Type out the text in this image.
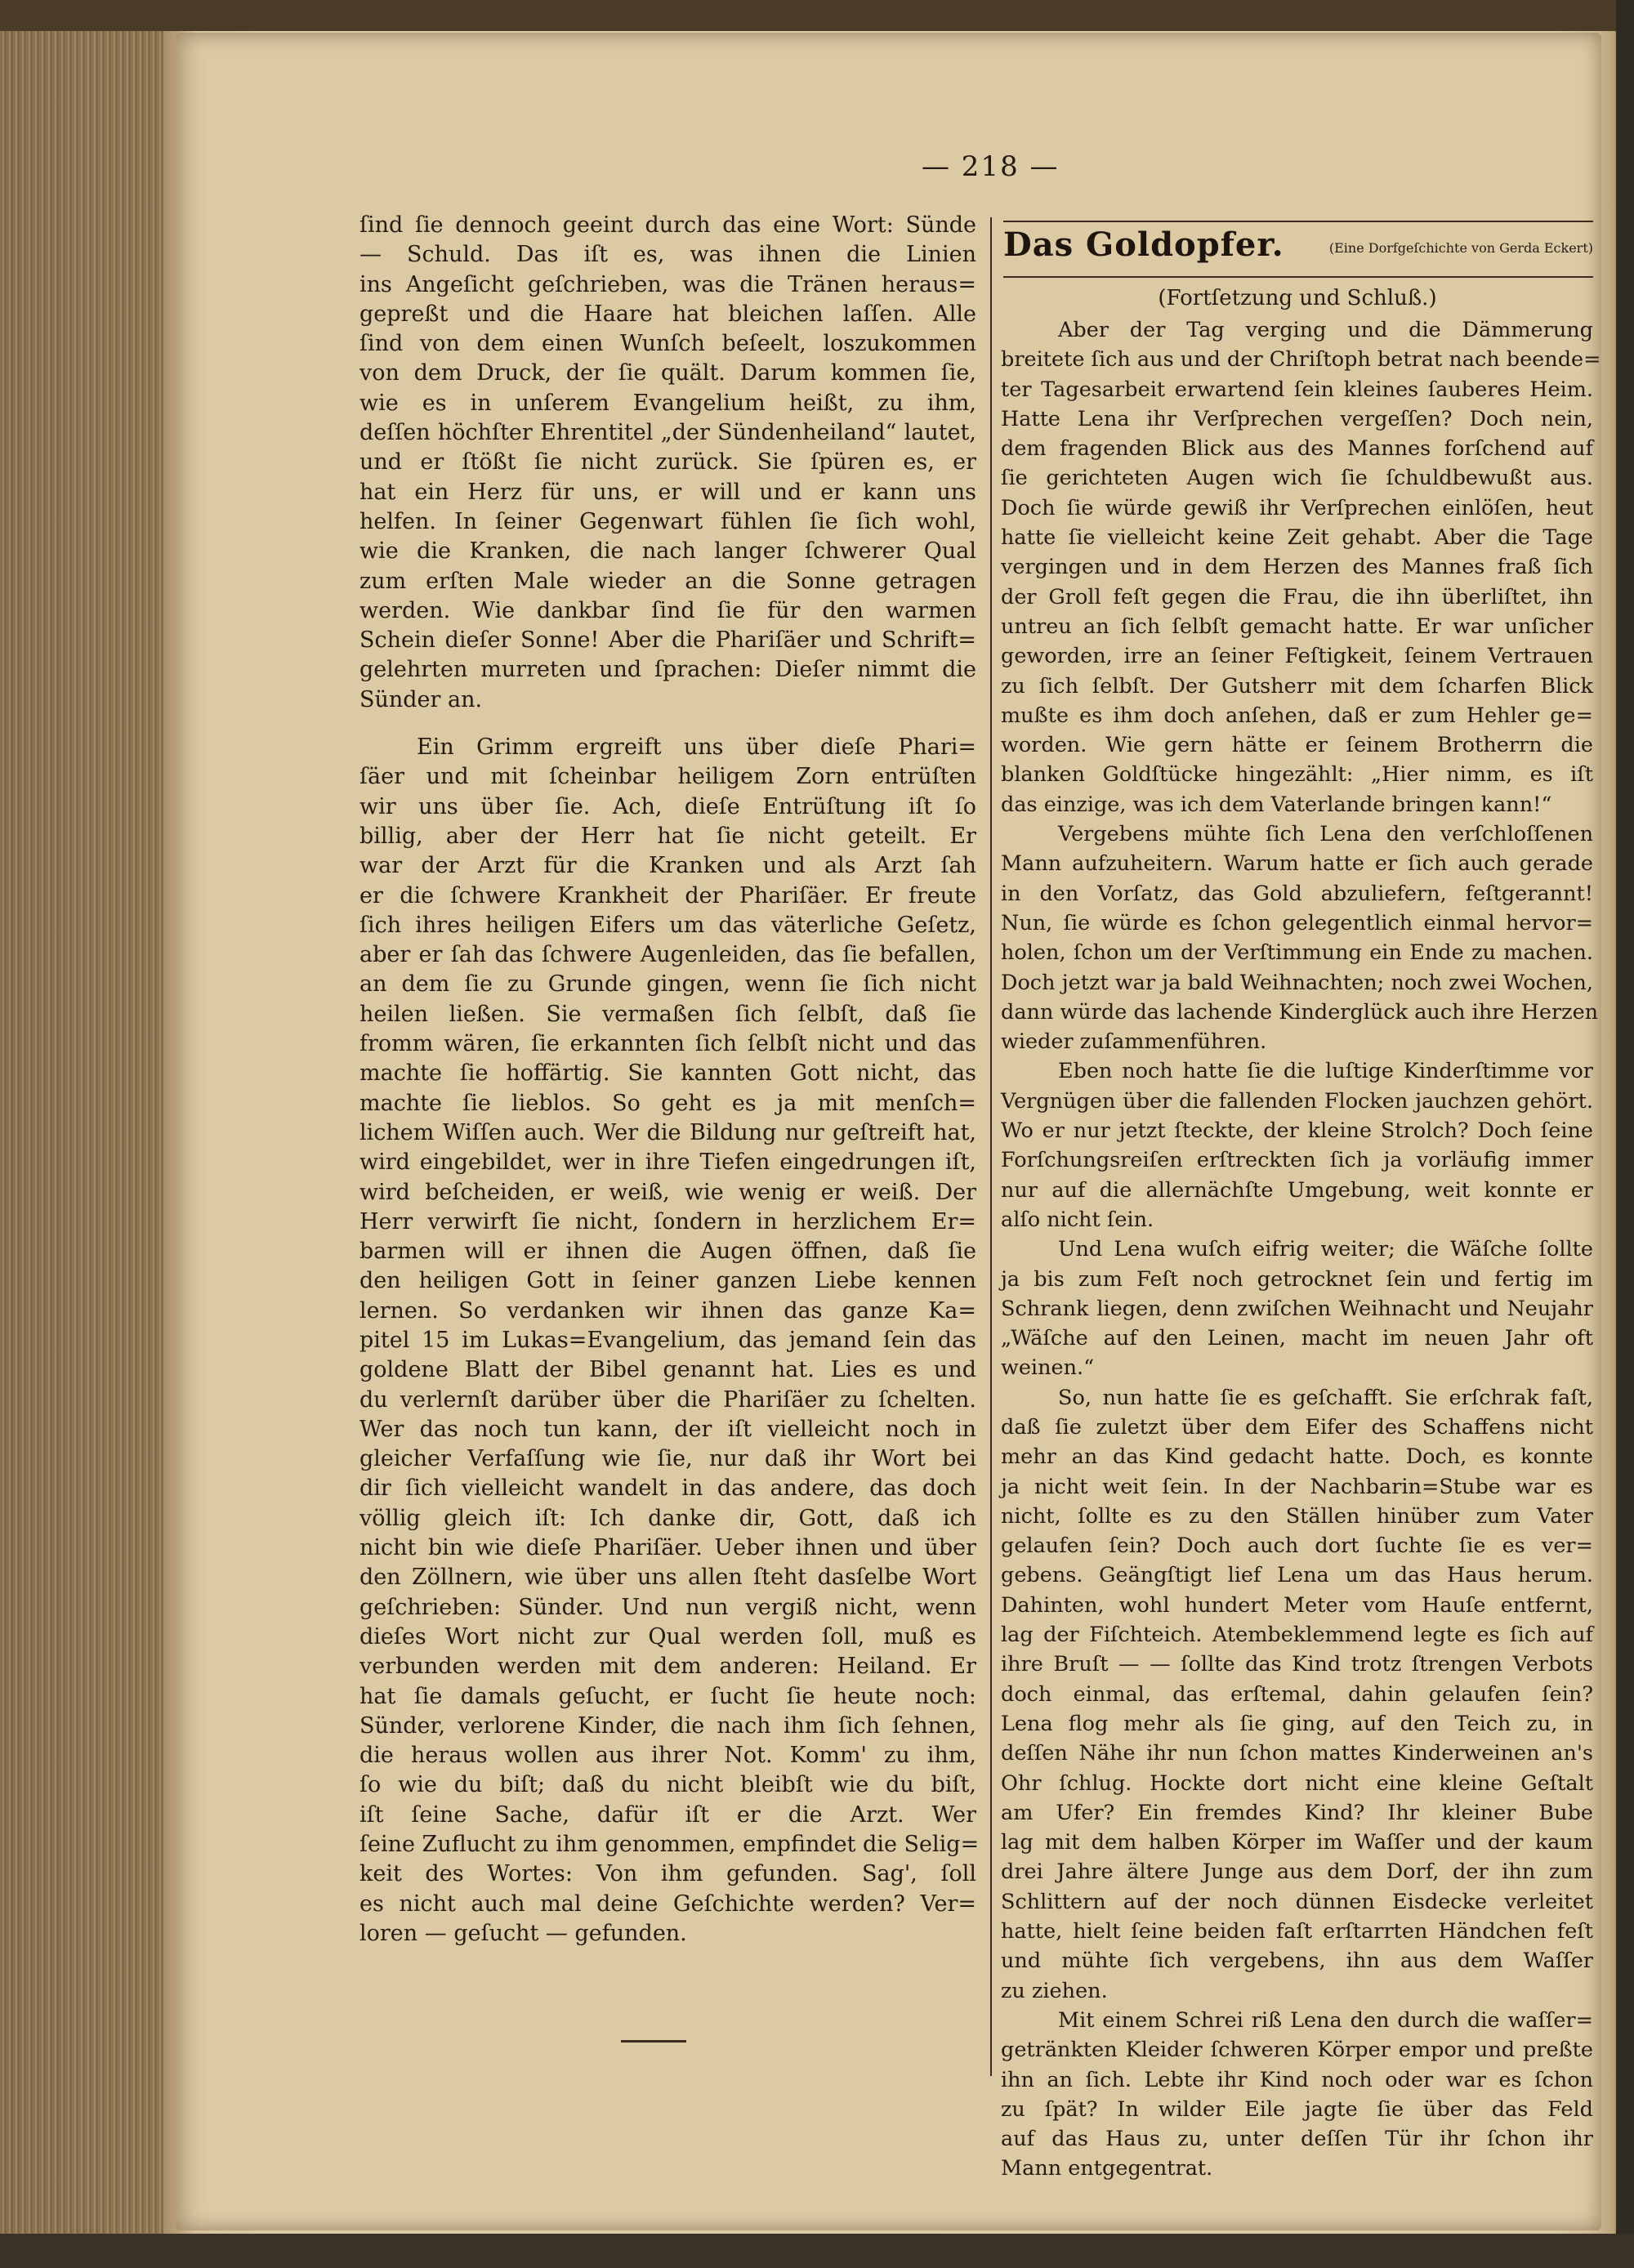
— 218 —
ſind ſie dennoch geeint durch das eine Wort: Sünde
— Schuld. Das iſt es, was ihnen die Linien
ins Angeſicht geſchrieben, was die Tränen heraus=
gepreßt und die Haare hat bleichen laſſen. Alle
ſind von dem einen Wunſch beſeelt, loszukommen
von dem Druck, der ſie quält. Darum kommen ſie,
wie es in unſerem Evangelium heißt, zu ihm,
deſſen höchſter Ehrentitel „der Sündenheiland“ lautet,
und er ſtößt ſie nicht zurück. Sie ſpüren es, er
hat ein Herz für uns, er will und er kann uns
helfen. In ſeiner Gegenwart fühlen ſie ſich wohl,
wie die Kranken, die nach langer ſchwerer Qual
zum erſten Male wieder an die Sonne getragen
werden. Wie dankbar ſind ſie für den warmen
Schein dieſer Sonne! Aber die Phariſäer und Schrift=
gelehrten murreten und ſprachen: Dieſer nimmt die
Sünder an.
Ein Grimm ergreift uns über dieſe Phari=
ſäer und mit ſcheinbar heiligem Zorn entrüſten
wir uns über ſie. Ach, dieſe Entrüſtung iſt ſo
billig, aber der Herr hat ſie nicht geteilt. Er
war der Arzt für die Kranken und als Arzt ſah
er die ſchwere Krankheit der Phariſäer. Er freute
ſich ihres heiligen Eifers um das väterliche Geſetz,
aber er ſah das ſchwere Augenleiden, das ſie befallen,
an dem ſie zu Grunde gingen, wenn ſie ſich nicht
heilen ließen. Sie vermaßen ſich ſelbſt, daß ſie
fromm wären, ſie erkannten ſich ſelbſt nicht und das
machte ſie hoffärtig. Sie kannten Gott nicht, das
machte ſie lieblos. So geht es ja mit menſch=
lichem Wiſſen auch. Wer die Bildung nur geſtreift hat,
wird eingebildet, wer in ihre Tiefen eingedrungen iſt,
wird beſcheiden, er weiß, wie wenig er weiß. Der
Herr verwirft ſie nicht, ſondern in herzlichem Er=
barmen will er ihnen die Augen öffnen, daß ſie
den heiligen Gott in ſeiner ganzen Liebe kennen
lernen. So verdanken wir ihnen das ganze Ka=
pitel 15 im Lukas=Evangelium, das jemand ſein das
goldene Blatt der Bibel genannt hat. Lies es und
du verlernſt darüber über die Phariſäer zu ſchelten.
Wer das noch tun kann, der iſt vielleicht noch in
gleicher Verfaſſung wie ſie, nur daß ihr Wort bei
dir ſich vielleicht wandelt in das andere, das doch
völlig gleich iſt: Ich danke dir, Gott, daß ich
nicht bin wie dieſe Phariſäer. Ueber ihnen und über
den Zöllnern, wie über uns allen ſteht dasſelbe Wort
geſchrieben: Sünder. Und nun vergiß nicht, wenn
dieſes Wort nicht zur Qual werden ſoll, muß es
verbunden werden mit dem anderen: Heiland. Er
hat ſie damals geſucht, er ſucht ſie heute noch:
Sünder, verlorene Kinder, die nach ihm ſich ſehnen,
die heraus wollen aus ihrer Not. Komm' zu ihm,
ſo wie du biſt; daß du nicht bleibſt wie du biſt,
iſt ſeine Sache, dafür iſt er die Arzt. Wer
ſeine Zuflucht zu ihm genommen, empfindet die Selig=
keit des Wortes: Von ihm gefunden. Sag', ſoll
es nicht auch mal deine Geſchichte werden? Ver=
loren — geſucht — gefunden.
Das Goldopfer.	(Eine Dorfgeſchichte von Gerda Eckert)
(Fortſetzung und Schluß.)
Aber der Tag verging und die Dämmerung
breitete ſich aus und der Chriſtoph betrat nach beende=
ter Tagesarbeit erwartend ſein kleines ſauberes Heim.
Hatte Lena ihr Verſprechen vergeſſen? Doch nein,
dem fragenden Blick aus des Mannes forſchend auf
ſie gerichteten Augen wich ſie ſchuldbewußt aus.
Doch ſie würde gewiß ihr Verſprechen einlöſen, heut
hatte ſie vielleicht keine Zeit gehabt. Aber die Tage
vergingen und in dem Herzen des Mannes fraß ſich
der Groll feſt gegen die Frau, die ihn überliſtet, ihn
untreu an ſich ſelbſt gemacht hatte. Er war unſicher
geworden, irre an ſeiner Feſtigkeit, ſeinem Vertrauen
zu ſich ſelbſt. Der Gutsherr mit dem ſcharfen Blick
mußte es ihm doch anſehen, daß er zum Hehler ge=
worden. Wie gern hätte er ſeinem Brotherrn die
blanken Goldſtücke hingezählt: „Hier nimm, es iſt
das einzige, was ich dem Vaterlande bringen kann!“
Vergebens mühte ſich Lena den verſchloſſenen
Mann aufzuheitern. Warum hatte er ſich auch gerade
in den Vorſatz, das Gold abzuliefern, feſtgerannt!
Nun, ſie würde es ſchon gelegentlich einmal hervor=
holen, ſchon um der Verſtimmung ein Ende zu machen.
Doch jetzt war ja bald Weihnachten; noch zwei Wochen,
dann würde das lachende Kinderglück auch ihre Herzen
wieder zuſammenführen.
Eben noch hatte ſie die luſtige Kinderſtimme vor
Vergnügen über die fallenden Flocken jauchzen gehört.
Wo er nur jetzt ſteckte, der kleine Strolch? Doch ſeine
Forſchungsreiſen erſtreckten ſich ja vorläufig immer
nur auf die allernächſte Umgebung, weit konnte er
alſo nicht ſein.
Und Lena wuſch eifrig weiter; die Wäſche ſollte
ja bis zum Feſt noch getrocknet ſein und fertig im
Schrank liegen, denn zwiſchen Weihnacht und Neujahr
„Wäſche auf den Leinen, macht im neuen Jahr oft
weinen.“
So, nun hatte ſie es geſchafft. Sie erſchrak faſt,
daß ſie zuletzt über dem Eifer des Schaffens nicht
mehr an das Kind gedacht hatte. Doch, es konnte
ja nicht weit ſein. In der Nachbarin=Stube war es
nicht, ſollte es zu den Ställen hinüber zum Vater
gelaufen ſein? Doch auch dort ſuchte ſie es ver=
gebens. Geängſtigt lief Lena um das Haus herum.
Dahinten, wohl hundert Meter vom Hauſe entfernt,
lag der Fiſchteich. Atembeklemmend legte es ſich auf
ihre Bruſt — — ſollte das Kind trotz ſtrengen Verbots
doch einmal, das erſtemal, dahin gelaufen ſein?
Lena flog mehr als ſie ging, auf den Teich zu, in
deſſen Nähe ihr nun ſchon mattes Kinderweinen an's
Ohr ſchlug. Hockte dort nicht eine kleine Geſtalt
am Ufer? Ein fremdes Kind? Ihr kleiner Bube
lag mit dem halben Körper im Waſſer und der kaum
drei Jahre ältere Junge aus dem Dorf, der ihn zum
Schlittern auf der noch dünnen Eisdecke verleitet
hatte, hielt ſeine beiden faſt erſtarrten Händchen feſt
und mühte ſich vergebens, ihn aus dem Waſſer
zu ziehen.
Mit einem Schrei riß Lena den durch die waſſer=
getränkten Kleider ſchweren Körper empor und preßte
ihn an ſich. Lebte ihr Kind noch oder war es ſchon
zu ſpät? In wilder Eile jagte ſie über das Feld
auf das Haus zu, unter deſſen Tür ihr ſchon ihr
Mann entgegentrat.
